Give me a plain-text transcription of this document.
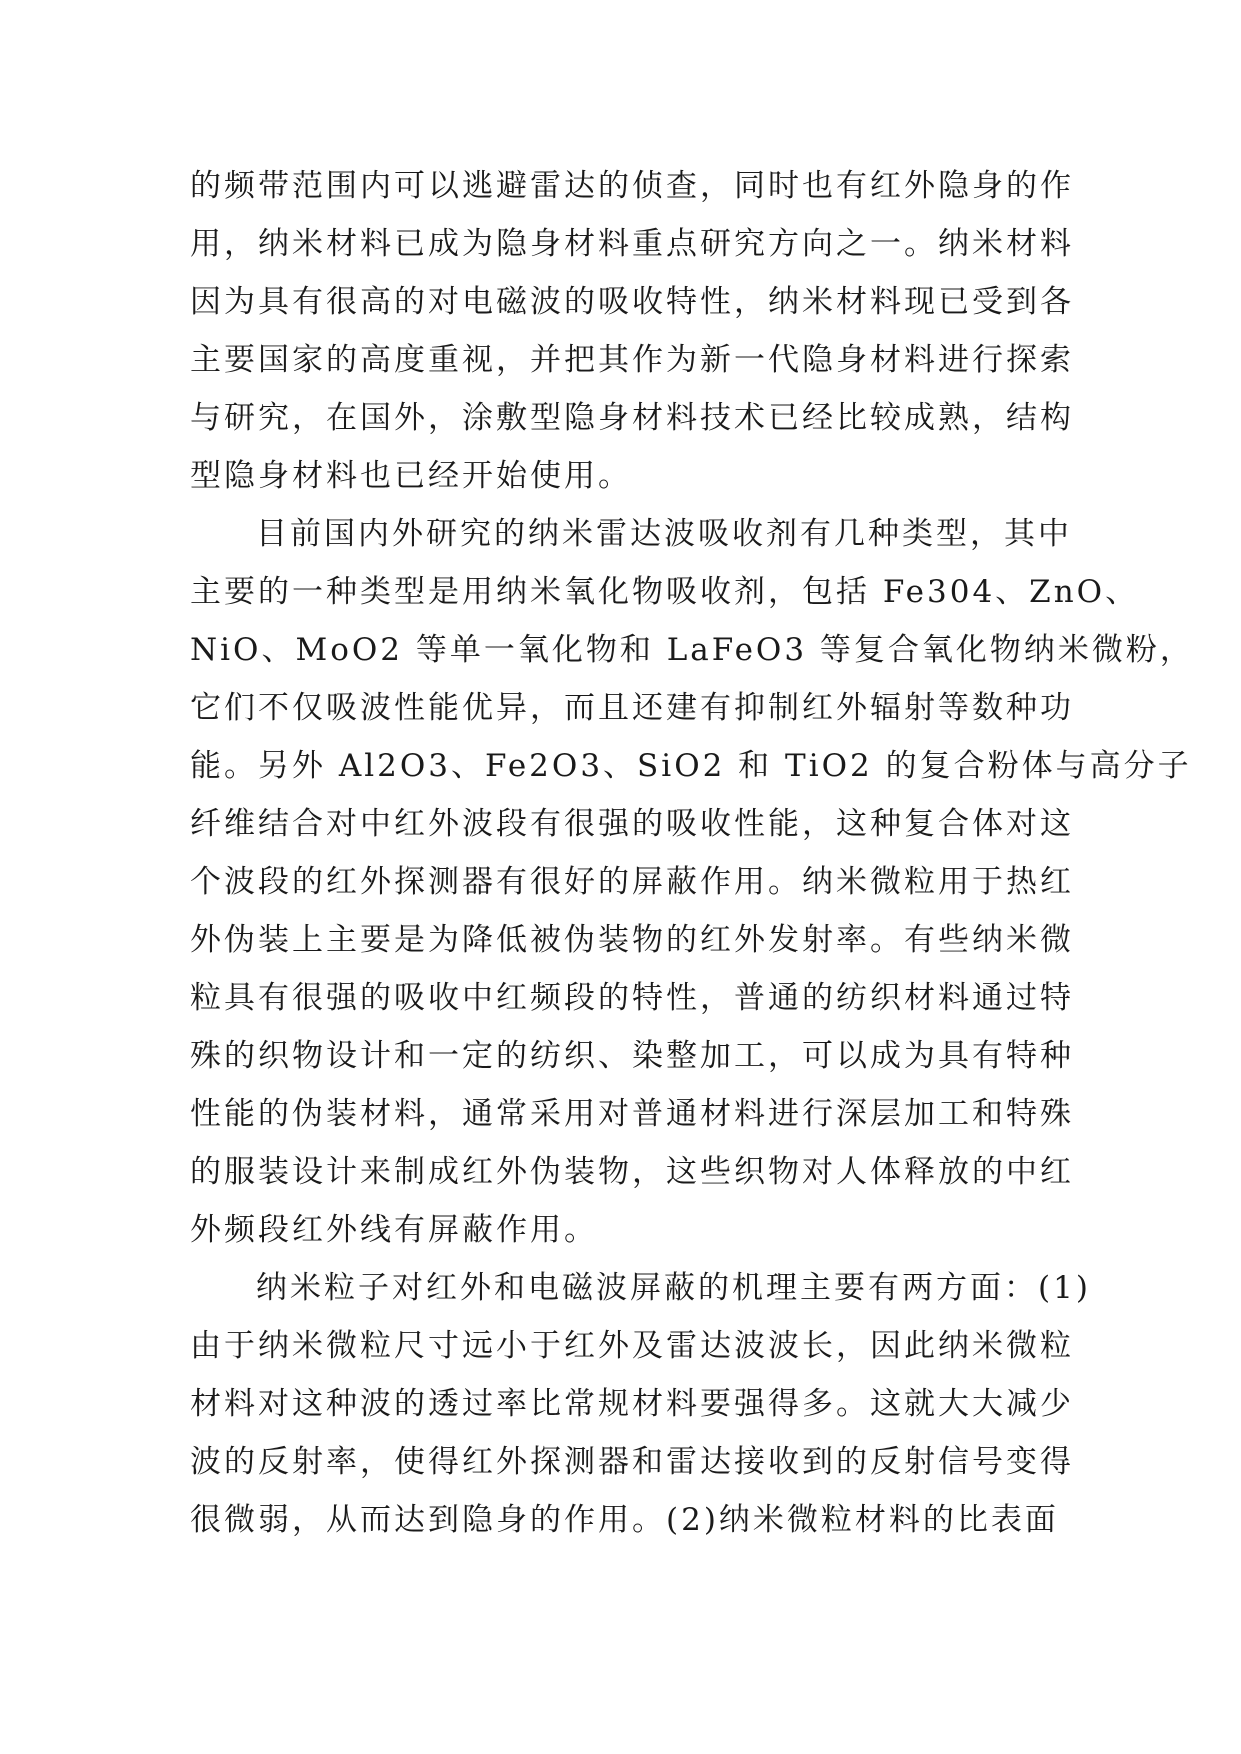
的频带范围内可以逃避雷达的侦查，同时也有红外隐身的作
用，纳米材料已成为隐身材料重点研究方向之一。纳米材料
因为具有很高的对电磁波的吸收特性，纳米材料现已受到各
主要国家的高度重视，并把其作为新一代隐身材料进行探索
与研究，在国外，涂敷型隐身材料技术已经比较成熟，结构
型隐身材料也已经开始使用。
目前国内外研究的纳米雷达波吸收剂有几种类型，其中
主要的一种类型是用纳米氧化物吸收剂，包括 Fe304、ZnO、
NiO、MoO2 等单一氧化物和 LaFeO3 等复合氧化物纳米微粉，
它们不仅吸波性能优异，而且还建有抑制红外辐射等数种功
能。另外 Al2O3、Fe2O3、SiO2 和 TiO2 的复合粉体与高分子
纤维结合对中红外波段有很强的吸收性能，这种复合体对这
个波段的红外探测器有很好的屏蔽作用。纳米微粒用于热红
外伪装上主要是为降低被伪装物的红外发射率。有些纳米微
粒具有很强的吸收中红频段的特性，普通的纺织材料通过特
殊的织物设计和一定的纺织、染整加工，可以成为具有特种
性能的伪装材料，通常采用对普通材料进行深层加工和特殊
的服装设计来制成红外伪装物，这些织物对人体释放的中红
外频段红外线有屏蔽作用。
纳米粒子对红外和电磁波屏蔽的机理主要有两方面：(1)
由于纳米微粒尺寸远小于红外及雷达波波长，因此纳米微粒
材料对这种波的透过率比常规材料要强得多。这就大大减少
波的反射率，使得红外探测器和雷达接收到的反射信号变得
很微弱，从而达到隐身的作用。(2)纳米微粒材料的比表面
